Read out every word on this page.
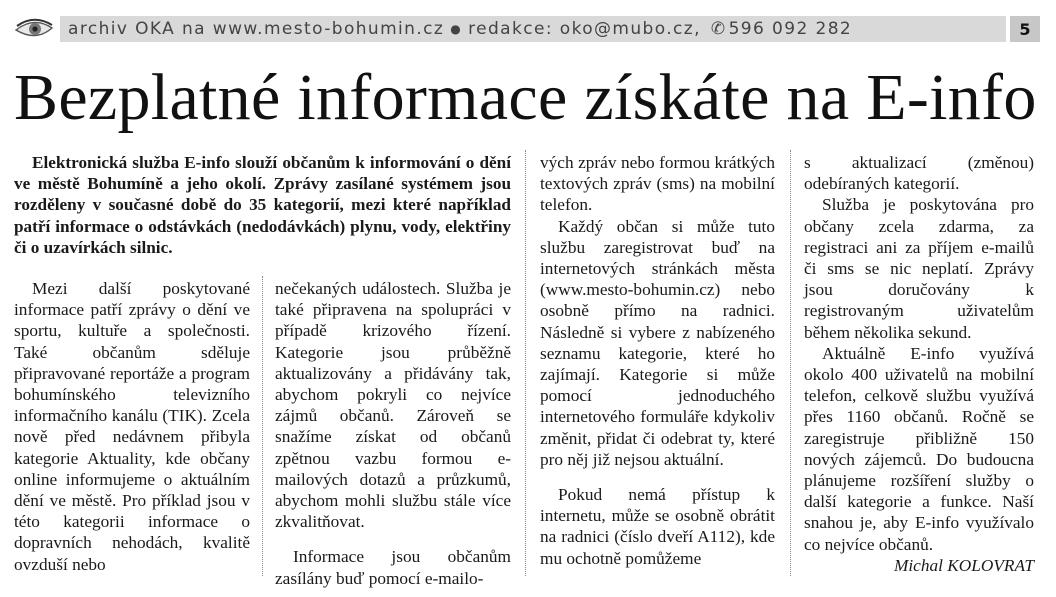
archiv OKA na www.mesto-bohumin.cz ● redakce: oko@mubo.cz, ✆ 596 092 282	5
Bezplatné informace získáte na E-info

Elektronická služba E-info slouží občanům k informování o dění ve městě Bohumíně a jeho okolí. Zprávy zasílané systémem jsou rozděleny v současné době do 35 kategorií, mezi které například patří informace o odstávkách (nedodávkách) plynu, vody, elektřiny či o uzavírkách silnic.

Mezi další poskytované informace patří zprávy o dění ve sportu, kultuře a společnosti. Také občanům sděluje připravované reportáže a program bohumínského televizního informačního kanálu (TIK). Zcela nově před nedávnem přibyla kategorie Aktuality, kde občany online informujeme o aktuálním dění ve městě. Pro příklad jsou v této kategorii informace o dopravních nehodách, kvalitě ovzduší nebo

nečekaných událostech. Služba je také připravena na spolupráci v případě krizového řízení. Kategorie jsou průběžně aktualizovány a přidávány tak, abychom pokryli co nejvíce zájmů občanů. Zároveň se snažíme získat od občanů zpětnou vazbu formou e-mailových dotazů a průzkumů, abychom mohli službu stále více zkvalitňovat.

Informace jsou občanům zasílány buď pomocí e-mailo-

vých zpráv nebo formou krátkých textových zpráv (sms) na mobilní telefon.

Každý občan si může tuto službu zaregistrovat buď na internetových stránkách města (www.mesto-bohumin.cz) nebo osobně přímo na radnici. Následně si vybere z nabízeného seznamu kategorie, které ho zajímají. Kategorie si může pomocí jednoduchého internetového formuláře kdykoliv změnit, přidat či odebrat ty, které pro něj již nejsou aktuální.

Pokud nemá přístup k internetu, může se osobně obrátit na radnici (číslo dveří A112), kde mu ochotně pomůžeme

s aktualizací (změnou) odebíraných kategorií.

Služba je poskytována pro občany zcela zdarma, za registraci ani za příjem e-mailů či sms se nic neplatí. Zprávy jsou doručovány k registrovaným uživatelům během několika sekund.

Aktuálně E-info využívá okolo 400 uživatelů na mobilní telefon, celkově službu využívá přes 1160 občanů. Ročně se zaregistruje přibližně 150 nových zájemců. Do budoucna plánujeme rozšíření služby o další kategorie a funkce. Naší snahou je, aby E-info využívalo co nejvíce občanů.

Michal KOLOVRAT
